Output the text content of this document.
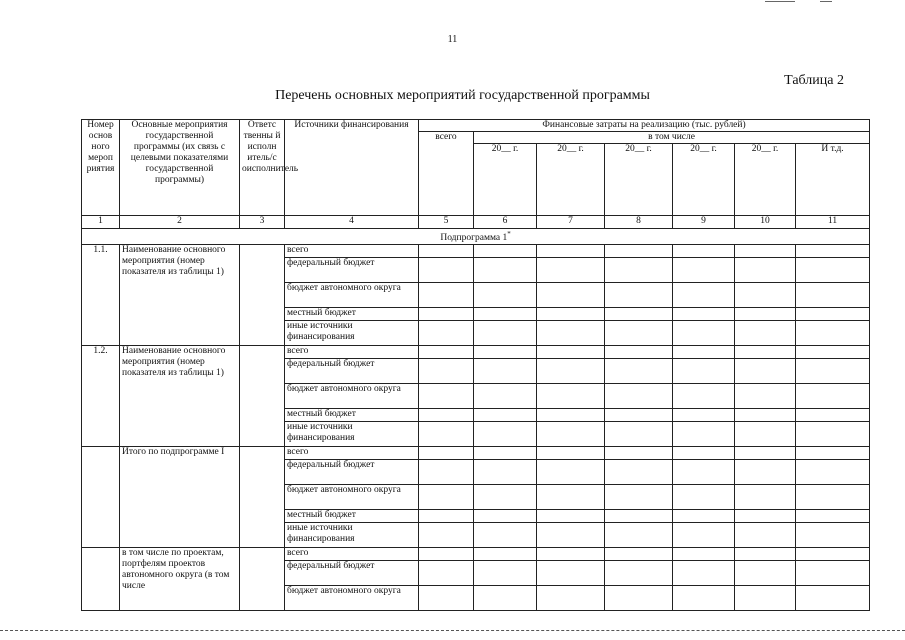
11
Таблица 2
Перечень основных мероприятий государственной программы
Номер основ ного мероп риятия	Основные мероприятия государственной программы (их связь с целевыми показателями государственной программы)	Ответс твенны й исполн итель/с оисполнитель	Источники финансирования	Финансовые затраты на реализацию (тыс. рублей)						
				всего	в том числе					
					20__ г.	20__ г.	20__ г.	20__ г.	20__ г.	И т.д.
1	2	3	4	5	6	7	8	9	10	11
Подпрограмма 1*
1.1.	Наименование основного мероприятия (номер показателя из таблицы 1)		всего							
			федеральный бюджет							
			бюджет автономного округа							
			местный бюджет							
			иные источники финансирования							
1.2.	Наименование основного мероприятия (номер показателя из таблицы 1)		всего							
			федеральный бюджет							
			бюджет автономного округа							
			местный бюджет							
			иные источники финансирования							
	Итого по подпрограмме I		всего							
			федеральный бюджет							
			бюджет автономного округа							
			местный бюджет							
			иные источники финансирования							
	в том числе по проектам, портфелям проектов автономного округа (в том числе		всего							
			федеральный бюджет							
			бюджет автономного округа							
